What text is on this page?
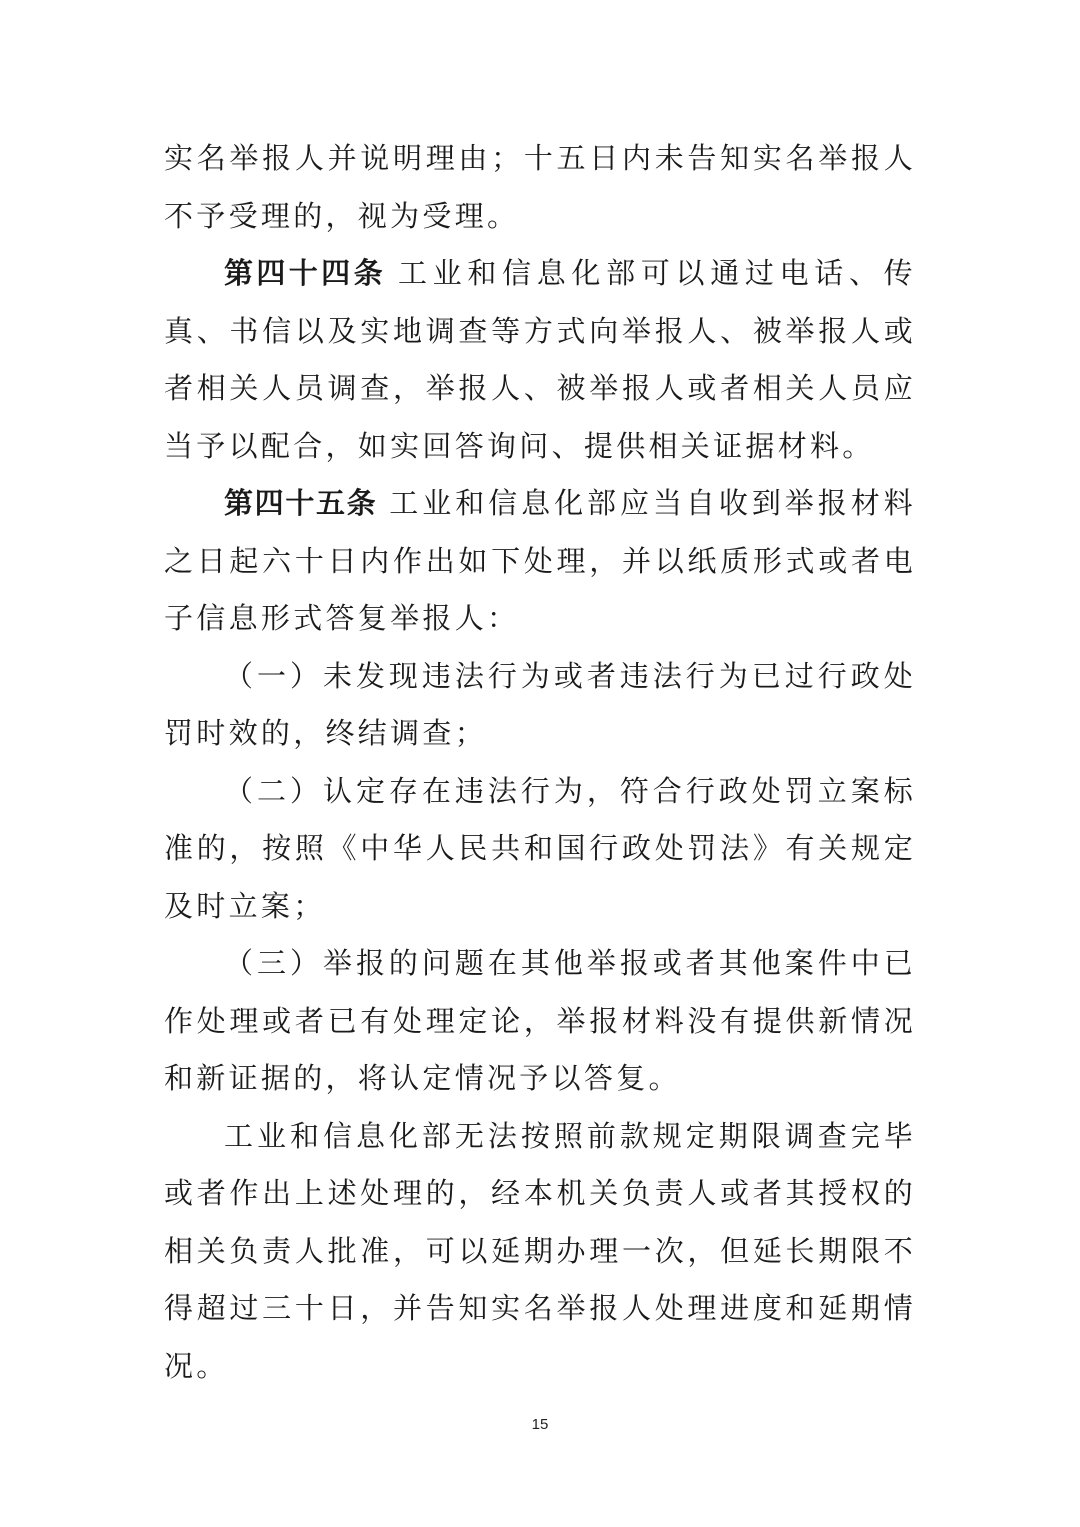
实名举报人并说明理由；十五日内未告知实名举报人不予受理的，视为受理。

第四十四条 工业和信息化部可以通过电话、传真、书信以及实地调查等方式向举报人、被举报人或者相关人员调查，举报人、被举报人或者相关人员应当予以配合，如实回答询问、提供相关证据材料。

第四十五条 工业和信息化部应当自收到举报材料之日起六十日内作出如下处理，并以纸质形式或者电子信息形式答复举报人：

（一）未发现违法行为或者违法行为已过行政处罚时效的，终结调查；

（二）认定存在违法行为，符合行政处罚立案标准的，按照《中华人民共和国行政处罚法》有关规定及时立案；

（三）举报的问题在其他举报或者其他案件中已作处理或者已有处理定论，举报材料没有提供新情况和新证据的，将认定情况予以答复。

工业和信息化部无法按照前款规定期限调查完毕或者作出上述处理的，经本机关负责人或者其授权的相关负责人批准，可以延期办理一次，但延长期限不得超过三十日，并告知实名举报人处理进度和延期情况。

15
